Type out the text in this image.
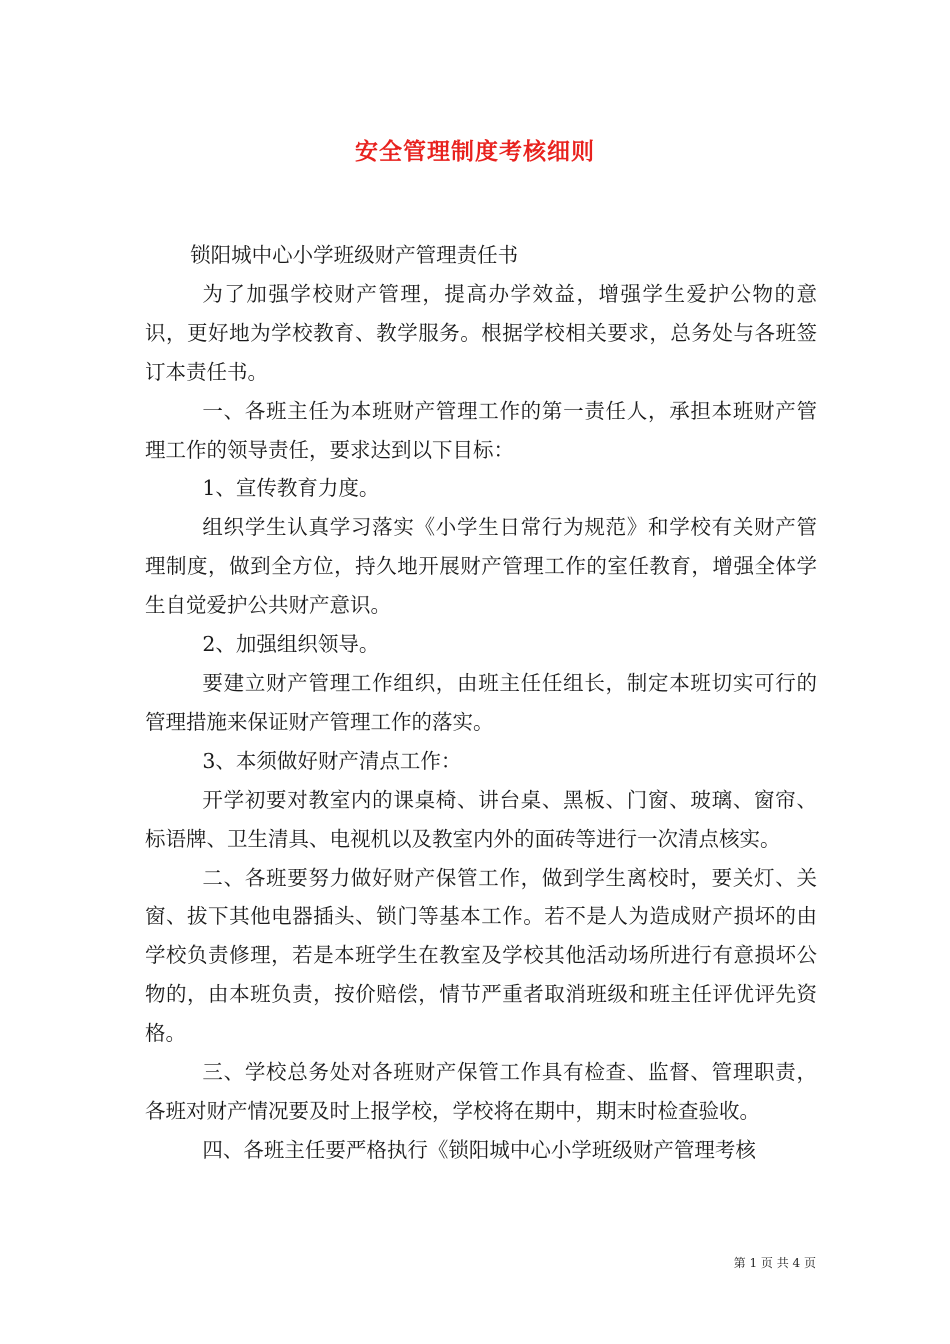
安全管理制度考核细则

锁阳城中心小学班级财产管理责任书

为了加强学校财产管理，提高办学效益，增强学生爱护公物的意识，更好地为学校教育、教学服务。根据学校相关要求，总务处与各班签订本责任书。

一、各班主任为本班财产管理工作的第一责任人，承担本班财产管理工作的领导责任，要求达到以下目标：

1、宣传教育力度。

组织学生认真学习落实《小学生日常行为规范》和学校有关财产管理制度，做到全方位，持久地开展财产管理工作的室任教育，增强全体学生自觉爱护公共财产意识。

2、加强组织领导。

要建立财产管理工作组织，由班主任任组长，制定本班切实可行的管理措施来保证财产管理工作的落实。

3、本须做好财产清点工作：

开学初要对教室内的课桌椅、讲台桌、黑板、门窗、玻璃、窗帘、标语牌、卫生清具、电视机以及教室内外的面砖等进行一次清点核实。

二、各班要努力做好财产保管工作，做到学生离校时，要关灯、关窗、拔下其他电器插头、锁门等基本工作。若不是人为造成财产损坏的由学校负责修理，若是本班学生在教室及学校其他活动场所进行有意损坏公物的，由本班负责，按价赔偿，情节严重者取消班级和班主任评优评先资格。

三、学校总务处对各班财产保管工作具有检查、监督、管理职责，各班对财产情况要及时上报学校，学校将在期中，期末时检查验收。

四、各班主任要严格执行《锁阳城中心小学班级财产管理考核

第 1 页 共 4 页
